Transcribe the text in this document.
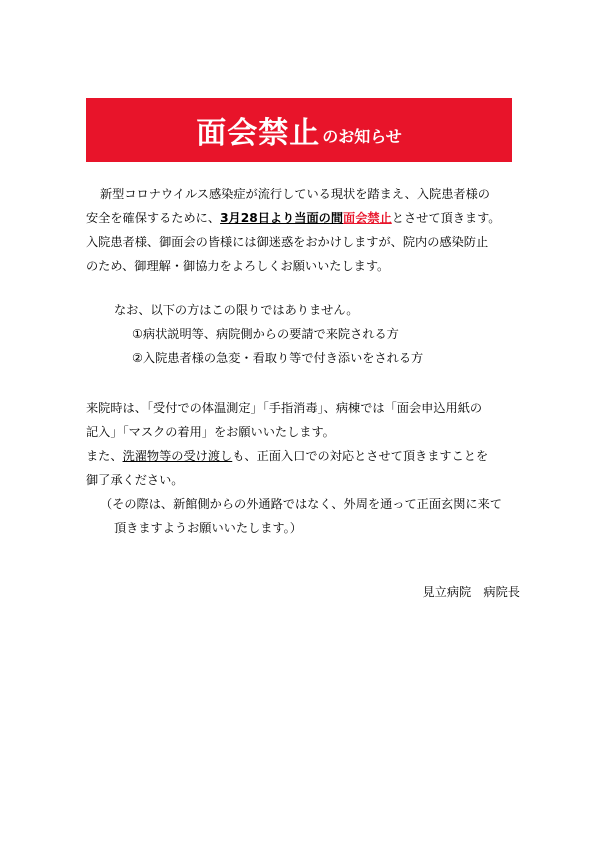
面会禁止 のお知らせ
新型コロナウイルス感染症が流行している現状を踏まえ、入院患者様の
安全を確保するために、3月28日より当面の間面会禁止とさせて頂きます。
入院患者様、御面会の皆様には御迷惑をおかけしますが、院内の感染防止
のため、御理解・御協力をよろしくお願いいたします。
なお、以下の方はこの限りではありません。
①病状説明等、病院側からの要請で来院される方
②入院患者様の急変・看取り等で付き添いをされる方
来院時は、「受付での体温測定」「手指消毒」、病棟では「面会申込用紙の
記入」「マスクの着用」をお願いいたします。
また、洗濯物等の受け渡しも、正面入口での対応とさせて頂きますことを
御了承ください。
（その際は、新館側からの外通路ではなく、外周を通って正面玄関に来て
頂きますようお願いいたします。）
見立病院　病院長
